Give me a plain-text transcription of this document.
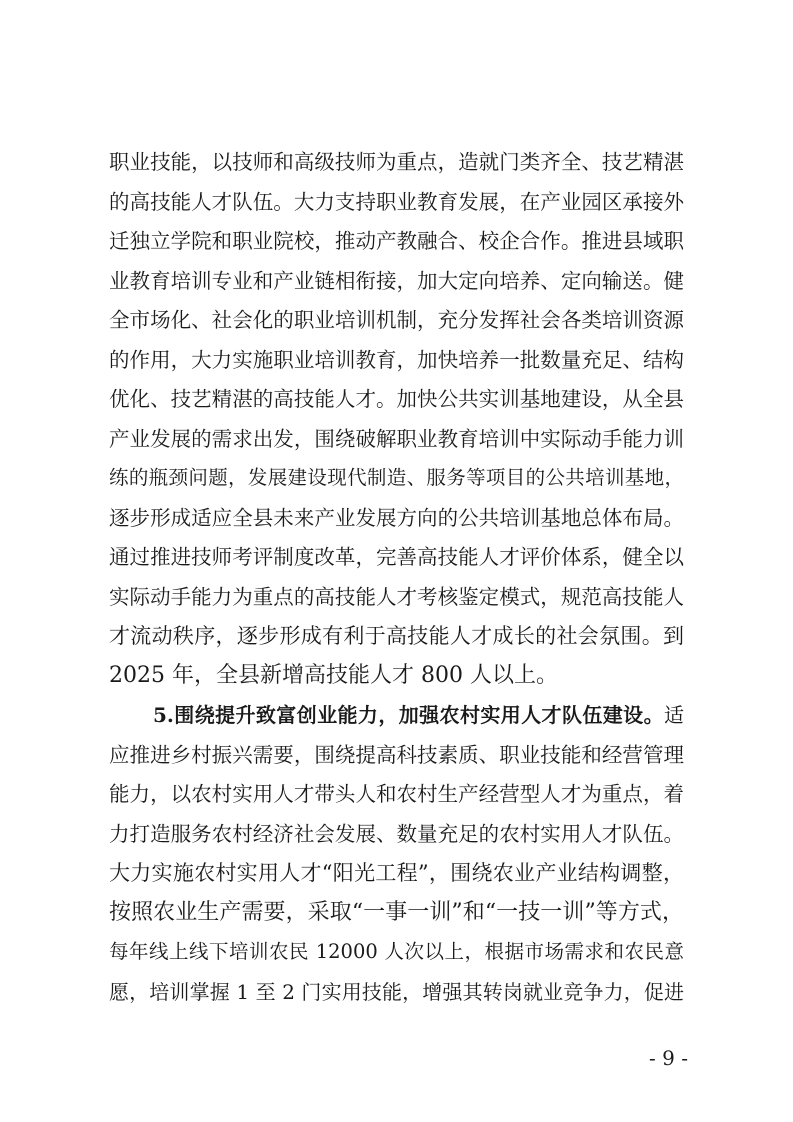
职业技能，以技师和高级技师为重点，造就门类齐全、技艺精湛
的高技能人才队伍。大力支持职业教育发展，在产业园区承接外
迁独立学院和职业院校，推动产教融合、校企合作。推进县域职
业教育培训专业和产业链相衔接，加大定向培养、定向输送。健
全市场化、社会化的职业培训机制，充分发挥社会各类培训资源
的作用，大力实施职业培训教育，加快培养一批数量充足、结构
优化、技艺精湛的高技能人才。加快公共实训基地建设，从全县
产业发展的需求出发，围绕破解职业教育培训中实际动手能力训
练的瓶颈问题，发展建设现代制造、服务等项目的公共培训基地，
逐步形成适应全县未来产业发展方向的公共培训基地总体布局。
通过推进技师考评制度改革，完善高技能人才评价体系，健全以
实际动手能力为重点的高技能人才考核鉴定模式，规范高技能人
才流动秩序，逐步形成有利于高技能人才成长的社会氛围。到
2025 年，全县新增高技能人才 800 人以上。
5.围绕提升致富创业能力，加强农村实用人才队伍建设。适
应推进乡村振兴需要，围绕提高科技素质、职业技能和经营管理
能力，以农村实用人才带头人和农村生产经营型人才为重点，着
力打造服务农村经济社会发展、数量充足的农村实用人才队伍。
大力实施农村实用人才“阳光工程”，围绕农业产业结构调整，
按照农业生产需要，采取“一事一训”和“一技一训”等方式，
每年线上线下培训农民 12000 人次以上，根据市场需求和农民意
愿，培训掌握 1 至 2 门实用技能，增强其转岗就业竞争力，促进
- 9 -
